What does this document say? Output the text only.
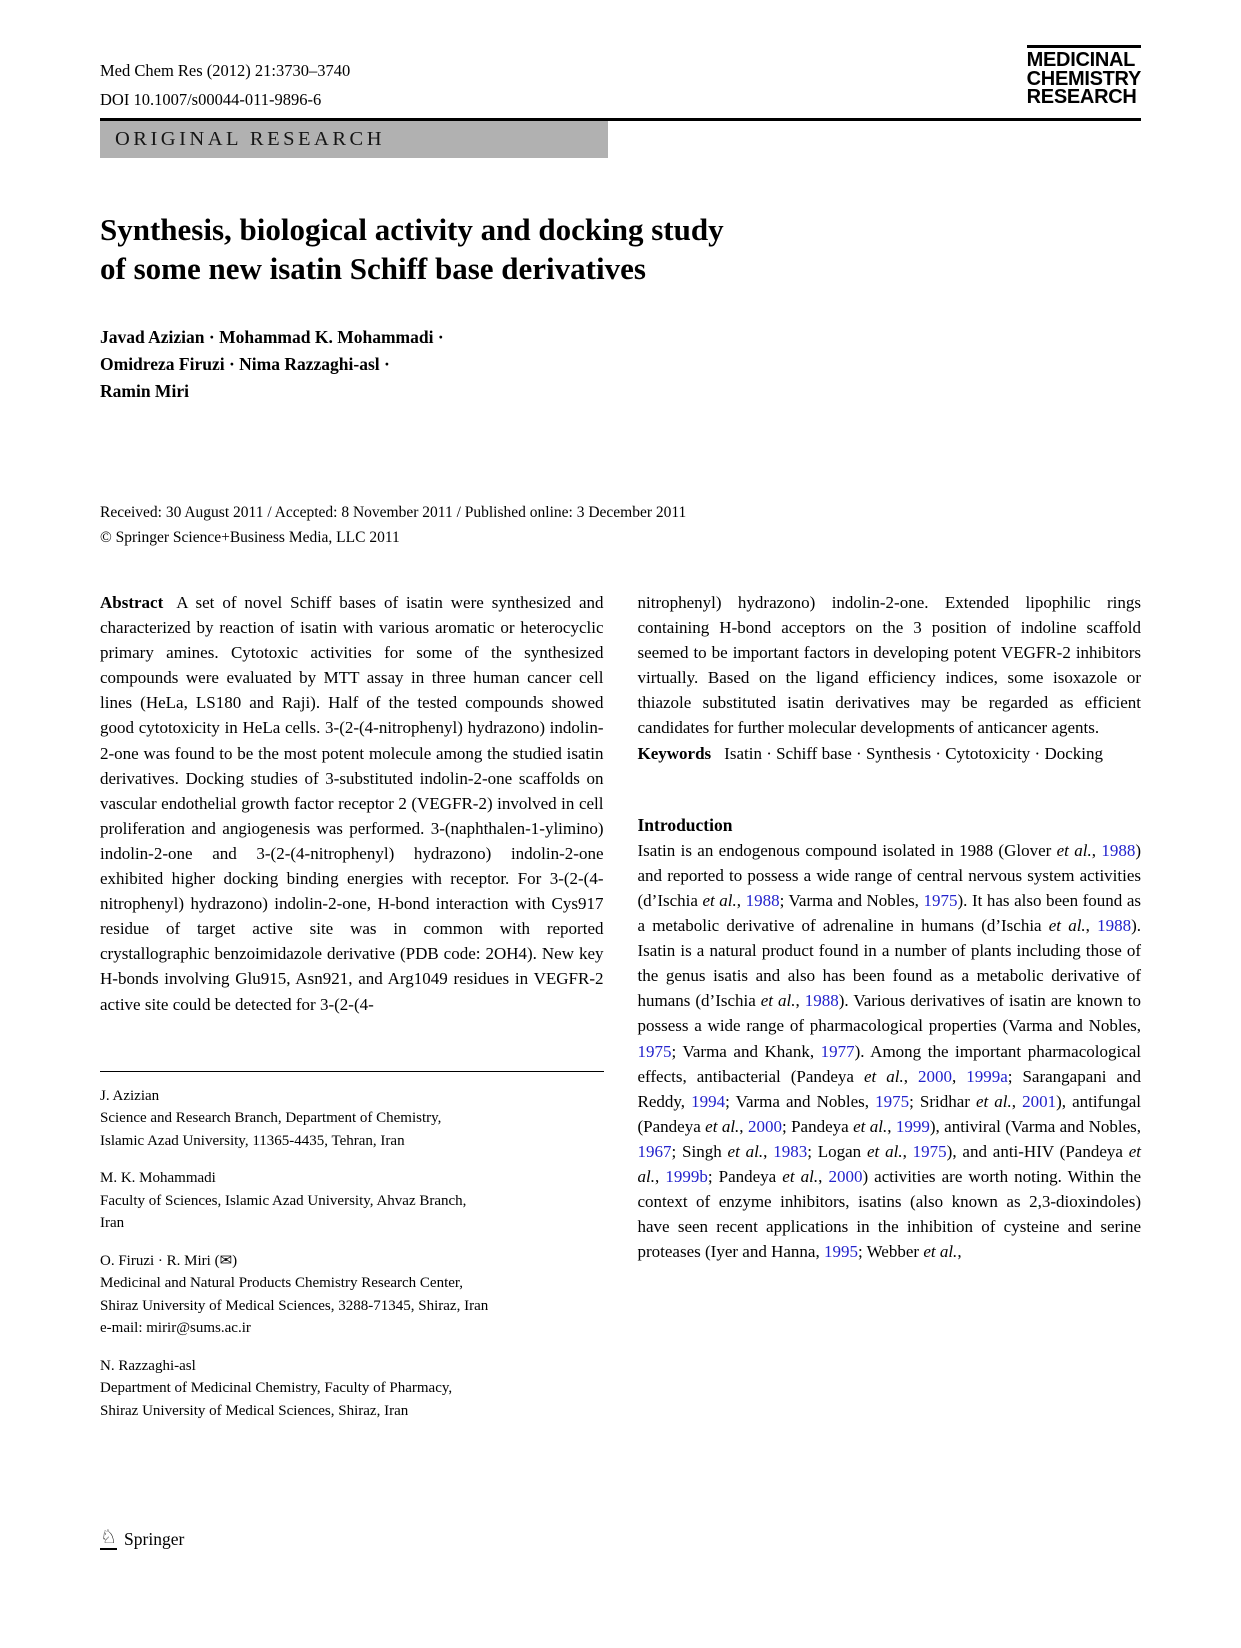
Med Chem Res (2012) 21:3730–3740
DOI 10.1007/s00044-011-9896-6
MEDICINAL
CHEMISTRY
RESEARCH
ORIGINAL RESEARCH
Synthesis, biological activity and docking study
of some new isatin Schiff base derivatives
Javad Azizian · Mohammad K. Mohammadi ·
Omidreza Firuzi · Nima Razzaghi-asl ·
Ramin Miri
Received: 30 August 2011 / Accepted: 8 November 2011 / Published online: 3 December 2011
© Springer Science+Business Media, LLC 2011

Abstract A set of novel Schiff bases of isatin were synthesized and characterized by reaction of isatin with various aromatic or heterocyclic primary amines. Cytotoxic activities for some of the synthesized compounds were evaluated by MTT assay in three human cancer cell lines (HeLa, LS180 and Raji). Half of the tested compounds showed good cytotoxicity in HeLa cells. 3-(2-(4-nitrophenyl) hydrazono) indolin-2-one was found to be the most potent molecule among the studied isatin derivatives. Docking studies of 3-substituted indolin-2-one scaffolds on vascular endothelial growth factor receptor 2 (VEGFR-2) involved in cell proliferation and angiogenesis was performed. 3-(naphthalen-1-ylimino) indolin-2-one and 3-(2-(4-nitrophenyl) hydrazono) indolin-2-one exhibited higher docking binding energies with receptor. For 3-(2-(4-nitrophenyl) hydrazono) indolin-2-one, H-bond interaction with Cys917 residue of target active site was in common with reported crystallographic benzoimidazole derivative (PDB code: 2OH4). New key H-bonds involving Glu915, Asn921, and Arg1049 residues in VEGFR-2 active site could be detected for 3-(2-(4-

J. Azizian
Science and Research Branch, Department of Chemistry,
Islamic Azad University, 11365-4435, Tehran, Iran
M. K. Mohammadi
Faculty of Sciences, Islamic Azad University, Ahvaz Branch,
Iran
O. Firuzi · R. Miri (✉)
Medicinal and Natural Products Chemistry Research Center,
Shiraz University of Medical Sciences, 3288-71345, Shiraz, Iran
e-mail: mirir@sums.ac.ir
N. Razzaghi-asl
Department of Medicinal Chemistry, Faculty of Pharmacy,
Shiraz University of Medical Sciences, Shiraz, Iran

nitrophenyl) hydrazono) indolin-2-one. Extended lipophilic rings containing H-bond acceptors on the 3 position of indoline scaffold seemed to be important factors in developing potent VEGFR-2 inhibitors virtually. Based on the ligand efficiency indices, some isoxazole or thiazole substituted isatin derivatives may be regarded as efficient candidates for further molecular developments of anticancer agents.

Keywords Isatin · Schiff base · Synthesis · Cytotoxicity · Docking

Introduction

Isatin is an endogenous compound isolated in 1988 (Glover et al., 1988) and reported to possess a wide range of central nervous system activities (d’Ischia et al., 1988; Varma and Nobles, 1975). It has also been found as a metabolic derivative of adrenaline in humans (d’Ischia et al., 1988). Isatin is a natural product found in a number of plants including those of the genus isatis and also has been found as a metabolic derivative of humans (d’Ischia et al., 1988). Various derivatives of isatin are known to possess a wide range of pharmacological properties (Varma and Nobles, 1975; Varma and Khank, 1977). Among the important pharmacological effects, antibacterial (Pandeya et al., 2000, 1999a; Sarangapani and Reddy, 1994; Varma and Nobles, 1975; Sridhar et al., 2001), antifungal (Pandeya et al., 2000; Pandeya et al., 1999), antiviral (Varma and Nobles, 1967; Singh et al., 1983; Logan et al., 1975), and anti-HIV (Pandeya et al., 1999b; Pandeya et al., 2000) activities are worth noting. Within the context of enzyme inhibitors, isatins (also known as 2,3-dioxindoles) have seen recent applications in the inhibition of cysteine and serine proteases (Iyer and Hanna, 1995; Webber et al.,

♘ Springer
